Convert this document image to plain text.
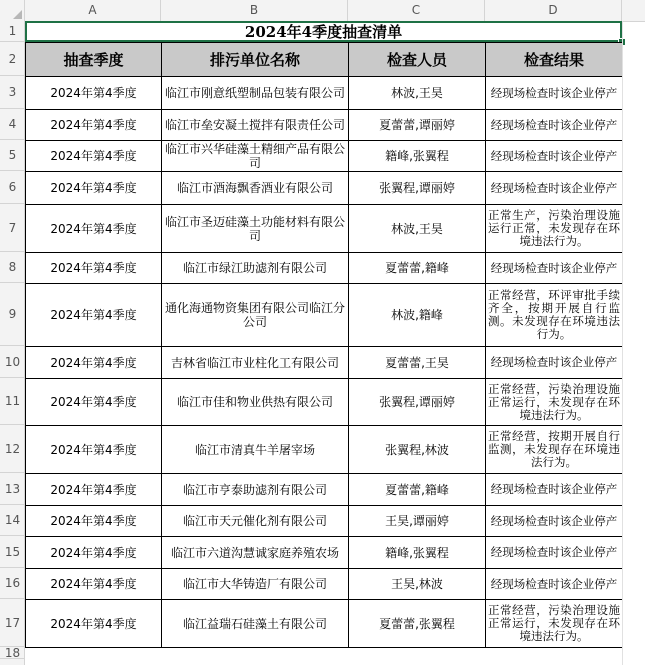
A	B	C	D
1
2
3
4
5
6
7
8
9
10
11
12
13
14
15
16
17
18
2024年4季度抽查清单
抽查季度	排污单位名称	检查人员	检查结果
2024年第4季度	临江市刚意纸塑制品包装有限公司	林波,王昊	经现场检查时该企业停产
2024年第4季度	临江市垒安凝土搅拌有限责任公司	夏蕾蕾,谭丽婷	经现场检查时该企业停产
2024年第4季度	临江市兴华硅藻土精细产品有限公司	籍峰,张翼程	经现场检查时该企业停产
2024年第4季度	临江市酒海飘香酒业有限公司	张翼程,谭丽婷	经现场检查时该企业停产
2024年第4季度	临江市圣迈硅藻土功能材料有限公司	林波,王昊	正常生产，污染治理设施运行正常，未发现存在环境违法行为。
2024年第4季度	临江市绿江助滤剂有限公司	夏蕾蕾,籍峰	经现场检查时该企业停产
2024年第4季度	通化海通物资集团有限公司临江分公司	林波,籍峰	正常经营，环评审批手续齐全，按期开展自行监测。未发现存在环境违法行为。
2024年第4季度	吉林省临江市业柱化工有限公司	夏蕾蕾,王昊	经现场检查时该企业停产
2024年第4季度	临江市佳和物业供热有限公司	张翼程,谭丽婷	正常经营，污染治理设施正常运行，未发现存在环境违法行为。
2024年第4季度	临江市清真牛羊屠宰场	张翼程,林波	正常经营，按期开展自行监测，未发现存在环境违法行为。
2024年第4季度	临江市亨泰助滤剂有限公司	夏蕾蕾,籍峰	经现场检查时该企业停产
2024年第4季度	临江市天元催化剂有限公司	王昊,谭丽婷	经现场检查时该企业停产
2024年第4季度	临江市六道沟慧诚家庭养殖农场	籍峰,张翼程	经现场检查时该企业停产
2024年第4季度	临江市大华铸造厂有限公司	王昊,林波	经现场检查时该企业停产
2024年第4季度	临江益瑞石硅藻土有限公司	夏蕾蕾,张翼程	正常经营，污染治理设施正常运行，未发现存在环境违法行为。
